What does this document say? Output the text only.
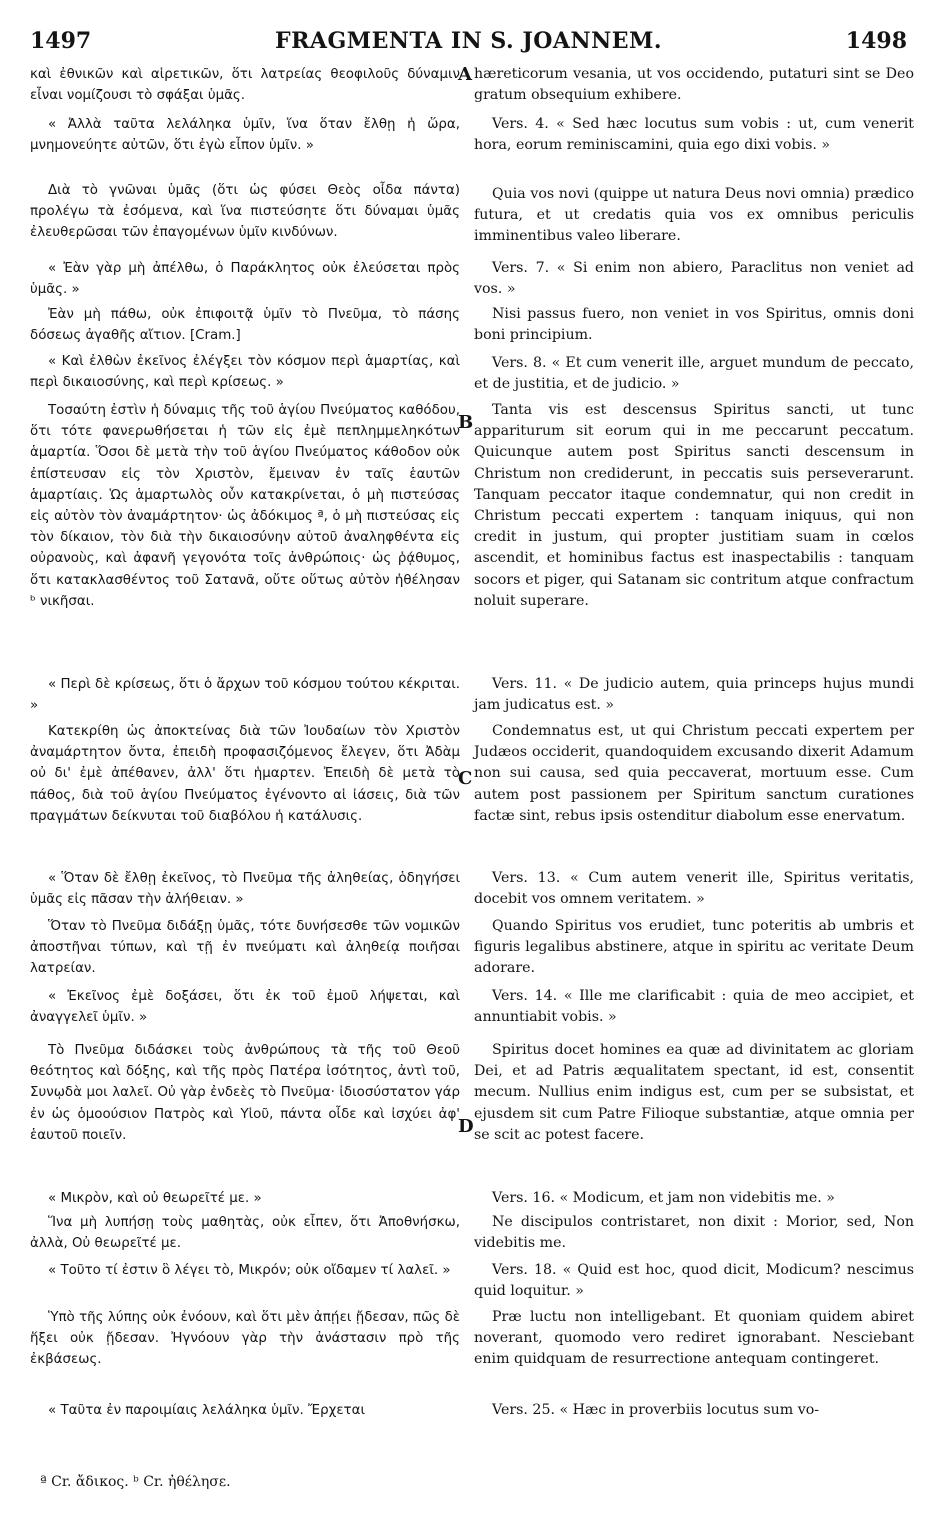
1497	FRAGMENTA IN S. JOANNEM.	1498

καὶ ἐθνικῶν καὶ αἱρετικῶν, ὅτι λατρείας θεοφιλοῦς δύναμιν εἶναι νομίζουσι τὸ σφάξαι ὑμᾶς.

« Ἀλλὰ ταῦτα λελάληκα ὑμῖν, ἵνα ὅταν ἔλθῃ ἡ ὥρα, μνημονεύητε αὐτῶν, ὅτι ἐγὼ εἶπον ὑμῖν. »

Διὰ τὸ γνῶναι ὑμᾶς (ὅτι ὡς φύσει Θεὸς οἶδα πάντα) προλέγω τὰ ἐσόμενα, καὶ ἵνα πιστεύσητε ὅτι δύναμαι ὑμᾶς ἐλευθερῶσαι τῶν ἐπαγομένων ὑμῖν κινδύνων.

« Ἐὰν γὰρ μὴ ἀπέλθω, ὁ Παράκλητος οὐκ ἐλεύσεται πρὸς ὑμᾶς. »

Ἐὰν μὴ πάθω, οὐκ ἐπιφοιτᾷ ὑμῖν τὸ Πνεῦμα, τὸ πάσης δόσεως ἀγαθῆς αἴτιον. [Cram.]

« Καὶ ἐλθὼν ἐκεῖνος ἐλέγξει τὸν κόσμον περὶ ἁμαρτίας, καὶ περὶ δικαιοσύνης, καὶ περὶ κρίσεως. »

Τοσαύτη ἐστὶν ἡ δύναμις τῆς τοῦ ἁγίου Πνεύματος καθόδου, ὅτι τότε φανερωθήσεται ἡ τῶν εἰς ἐμὲ πεπλημμεληκότων ἁμαρτία. Ὅσοι δὲ μετὰ τὴν τοῦ ἁγίου Πνεύματος κάθοδον οὐκ ἐπίστευσαν εἰς τὸν Χριστὸν, ἔμειναν ἐν ταῖς ἑαυτῶν ἁμαρτίαις. Ὡς ἁμαρτωλὸς οὖν κατακρίνεται, ὁ μὴ πιστεύσας εἰς αὐτὸν τὸν ἀναμάρτητον· ὡς ἀδόκιμος ª, ὁ μὴ πιστεύσας εἰς τὸν δίκαιον, τὸν διὰ τὴν δικαιοσύνην αὐτοῦ ἀναληφθέντα εἰς οὐρανοὺς, καὶ ἀφανῆ γεγονότα τοῖς ἀνθρώποις· ὡς ῥᾴθυμος, ὅτι κατακλασθέντος τοῦ Σατανᾶ, οὔτε οὕτως αὐτὸν ἠθέλησαν ᵇ νικῆσαι.

« Περὶ δὲ κρίσεως, ὅτι ὁ ἄρχων τοῦ κόσμου τούτου κέκριται. »

Κατεκρίθη ὡς ἀποκτείνας διὰ τῶν Ἰουδαίων τὸν Χριστὸν ἀναμάρτητον ὄντα, ἐπειδὴ προφασιζόμενος ἔλεγεν, ὅτι Ἀδὰμ οὐ δι' ἐμὲ ἀπέθανεν, ἀλλ' ὅτι ἡμαρτεν. Ἐπειδὴ δὲ μετὰ τὸ πάθος, διὰ τοῦ ἁγίου Πνεύματος ἐγένοντο αἱ ἰάσεις, διὰ τῶν πραγμάτων δείκνυται τοῦ διαβόλου ἡ κατάλυσις.

« Ὅταν δὲ ἔλθῃ ἐκεῖνος, τὸ Πνεῦμα τῆς ἀληθείας, ὁδηγήσει ὑμᾶς εἰς πᾶσαν τὴν ἀλήθειαν. »

Ὅταν τὸ Πνεῦμα διδάξῃ ὑμᾶς, τότε δυνήσεσθε τῶν νομικῶν ἀποστῆναι τύπων, καὶ τῇ ἐν πνεύματι καὶ ἀληθείᾳ ποιῆσαι λατρείαν.

« Ἐκεῖνος ἐμὲ δοξάσει, ὅτι ἐκ τοῦ ἐμοῦ λήψεται, καὶ ἀναγγελεῖ ὑμῖν. »

Τὸ Πνεῦμα διδάσκει τοὺς ἀνθρώπους τὰ τῆς τοῦ Θεοῦ θεότητος καὶ δόξης, καὶ τῆς πρὸς Πατέρα ἰσότητος, ἀντὶ τοῦ, Συνῳδὰ μοι λαλεῖ. Οὐ γὰρ ἐνδεὲς τὸ Πνεῦμα· ἰδιοσύστατον γάρ ἐν ὡς ὁμοούσιον Πατρὸς καὶ Υἱοῦ, πάντα οἶδε καὶ ἰσχύει ἀφ' ἑαυτοῦ ποιεῖν.

« Μικρὸν, καὶ οὐ θεωρεῖτέ με. »

Ἵνα μὴ λυπήσῃ τοὺς μαθητὰς, οὐκ εἶπεν, ὅτι Ἀποθνήσκω, ἀλλὰ, Οὐ θεωρεῖτέ με.

« Τοῦτο τί ἐστιν ὃ λέγει τὸ, Μικρόν; οὐκ οἴδαμεν τί λαλεῖ. »

Ὑπὸ τῆς λύπης οὐκ ἐνόουν, καὶ ὅτι μὲν ἀπῄει ᾔδεσαν, πῶς δὲ ἥξει οὐκ ᾔδεσαν. Ἠγνόουν γὰρ τὴν ἀνάστασιν πρὸ τῆς ἐκβάσεως.

« Ταῦτα ἐν παροιμίαις λελάληκα ὑμῖν. Ἔρχεται

hæreticorum vesania, ut vos occidendo, putaturi sint se Deo gratum obsequium exhibere.

Vers. 4. « Sed hæc locutus sum vobis : ut, cum venerit hora, eorum reminiscamini, quia ego dixi vobis. »

Quia vos novi (quippe ut natura Deus novi omnia) prædico futura, et ut credatis quia vos ex omnibus periculis imminentibus valeo liberare.

Vers. 7. « Si enim non abiero, Paraclitus non veniet ad vos. »

Nisi passus fuero, non veniet in vos Spiritus, omnis doni boni principium.

Vers. 8. « Et cum venerit ille, arguet mundum de peccato, et de justitia, et de judicio. »

Tanta vis est descensus Spiritus sancti, ut tunc appariturum sit eorum qui in me peccarunt peccatum. Quicunque autem post Spiritus sancti descensum in Christum non crediderunt, in peccatis suis perseverarunt. Tanquam peccator itaque condemnatur, qui non credit in Christum peccati expertem : tanquam iniquus, qui non credit in justum, qui propter justitiam suam in cœlos ascendit, et hominibus factus est inaspectabilis : tanquam socors et piger, qui Satanam sic contritum atque confractum noluit superare.

Vers. 11. « De judicio autem, quia princeps hujus mundi jam judicatus est. »

Condemnatus est, ut qui Christum peccati expertem per Judæos occiderit, quandoquidem excusando dixerit Adamum non sui causa, sed quia peccaverat, mortuum esse. Cum autem post passionem per Spiritum sanctum curationes factæ sint, rebus ipsis ostenditur diabolum esse enervatum.

Vers. 13. « Cum autem venerit ille, Spiritus veritatis, docebit vos omnem veritatem. »

Quando Spiritus vos erudiet, tunc poteritis ab umbris et figuris legalibus abstinere, atque in spiritu ac veritate Deum adorare.

Vers. 14. « Ille me clarificabit : quia de meo accipiet, et annuntiabit vobis. »

Spiritus docet homines ea quæ ad divinitatem ac gloriam Dei, et ad Patris æqualitatem spectant, id est, consentit mecum. Nullius enim indigus est, cum per se subsistat, et ejusdem sit cum Patre Filioque substantiæ, atque omnia per se scit ac potest facere.

Vers. 16. « Modicum, et jam non videbitis me. »

Ne discipulos contristaret, non dixit : Morior, sed, Non videbitis me.

Vers. 18. « Quid est hoc, quod dicit, Modicum? nescimus quid loquitur. »

Præ luctu non intelligebant. Et quoniam quidem abiret noverant, quomodo vero rediret ignorabant. Nesciebant enim quidquam de resurrectione antequam contingeret.

Vers. 25. « Hæc in proverbiis locutus sum vo-

A
B
C
D
ª Cr. ἄδικος. ᵇ Cr. ἠθέλησε.
